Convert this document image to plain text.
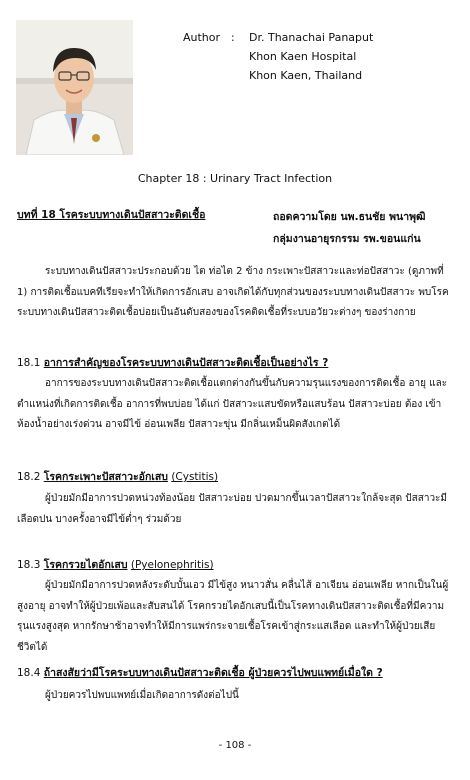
Author :	Dr. Thanachai Panaput
Khon Kaen Hospital
Khon Kaen, Thailand
Chapter 18 : Urinary Tract Infection
บทที่ 18 โรคระบบทางเดินปัสสาวะติดเชื้อ	ถอดความโดย นพ.ธนชัย พนาพุฒิ
กลุ่มงานอายุรกรรม รพ.ขอนแก่น
ระบบทางเดินปัสสาวะประกอบด้วย ไต ท่อไต 2 ข้าง กระเพาะปัสสาวะและท่อปัสสาวะ (ดูภาพที่ 1) การติดเชื้อแบคทีเรียจะทำให้เกิดการอักเสบ อาจเกิดได้กับทุกส่วนของระบบทางเดินปัสสาวะ พบโรคระบบทางเดินปัสสาวะติดเชื้อบ่อยเป็นอันดับสองของโรคติดเชื้อที่ระบบอวัยวะต่างๆ ของร่างกาย
18.1 อาการสำคัญของโรคระบบทางเดินปัสสาวะติดเชื้อเป็นอย่างไร ?
อาการของระบบทางเดินปัสสาวะติดเชื้อแตกต่างกันขึ้นกับความรุนแรงของการติดเชื้อ อายุ และตำแหน่งที่เกิดการติดเชื้อ อาการที่พบบ่อย ได้แก่ ปัสสาวะแสบขัดหรือแสบร้อน ปัสสาวะบ่อย ต้อง เข้าห้องน้ำอย่างเร่งด่วน อาจมีไข้ อ่อนเพลีย ปัสสาวะขุ่น มีกลิ่นเหม็นผิดสังเกตได้
18.2 โรคกระเพาะปัสสาวะอักเสบ (Cystitis)
ผู้ป่วยมักมีอาการปวดหน่วงท้องน้อย ปัสสาวะบ่อย ปวดมากขึ้นเวลาปัสสาวะใกล้จะสุด ปัสสาวะมีเลือดปน บางครั้งอาจมีไข้ต่ำๆ ร่วมด้วย
18.3 โรคกรวยไตอักเสบ (Pyelonephritis)
ผู้ป่วยมักมีอาการปวดหลังระดับบั้นเอว มีไข้สูง หนาวสั่น คลื่นไส้ อาเจียน อ่อนเพลีย หากเป็นในผู้สูงอายุ อาจทำให้ผู้ป่วยเพ้อและสับสนได้ โรคกรวยไตอักเสบนี้เป็นโรคทางเดินปัสสาวะติดเชื้อที่มีความรุนแรงสูงสุด หากรักษาช้าอาจทำให้มีการแพร่กระจายเชื้อโรคเข้าสู่กระแสเลือด และทำให้ผู้ป่วยเสียชีวิตได้
18.4 ถ้าสงสัยว่ามีโรคระบบทางเดินปัสสาวะติดเชื้อ ผู้ป่วยควรไปพบแพทย์เมื่อใด ?
ผู้ป่วยควรไปพบแพทย์เมื่อเกิดอาการดังต่อไปนี้
- 108 -
